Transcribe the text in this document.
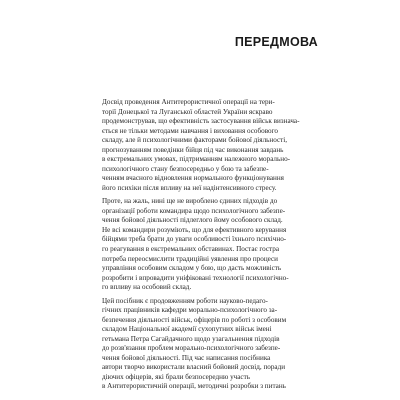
ПЕРЕДМОВА
Досвід проведення Антитерористичної операції на тери-
торії Донецької та Луганської областей України яскраво
продемонстрував, що ефективність застосування військ визнача-
ється не тільки методами навчання і виховання особового
складу, але й психологічними факторами бойової діяльності,
прогнозуванням поведінки бійця під час виконання завдань
в екстремальних умовах, підтриманням належного морально-
психологічного стану безпосередньо у бою та забезпе-
ченням вчасного відновлення нормального функціонування
його психіки після впливу на неї надінтенсивного стресу.
Проте, на жаль, нині ще не вироблено єдиних підходів до
організації роботи командира щодо психологічного забезпе-
чення бойової діяльності підлеглого йому особового склад.
Не всі командири розуміють, що для ефективного керування
бійцями треба брати до уваги особливості їхнього психічно-
го реагування в екстремальних обставинах. Постає гостра
потреба переосмислити традиційні уявлення про процеси
управління особовим складом у бою, що дасть можливість
розробити і впровадити уніфіковані технології психологічно-
го впливу на особовий склад.
Цей посібник є продовженням роботи науково-педаго-
гічних працівників кафедри морально-психологічного за-
безпечення діяльності військ, офіцерів по роботі з особовим
складом Національної академії сухопутних військ імені
гетьмана Петра Сагайдачного щодо узагальнення підходів
до розв'язання проблем морально-психологічного забезпе-
чення бойової діяльності. Під час написання посібника
автори творчо використали власний бойовий досвід, поради
діючих офіцерів, які брали безпосередню участь
в Антитерористичній операції, методичні розробки з питань
